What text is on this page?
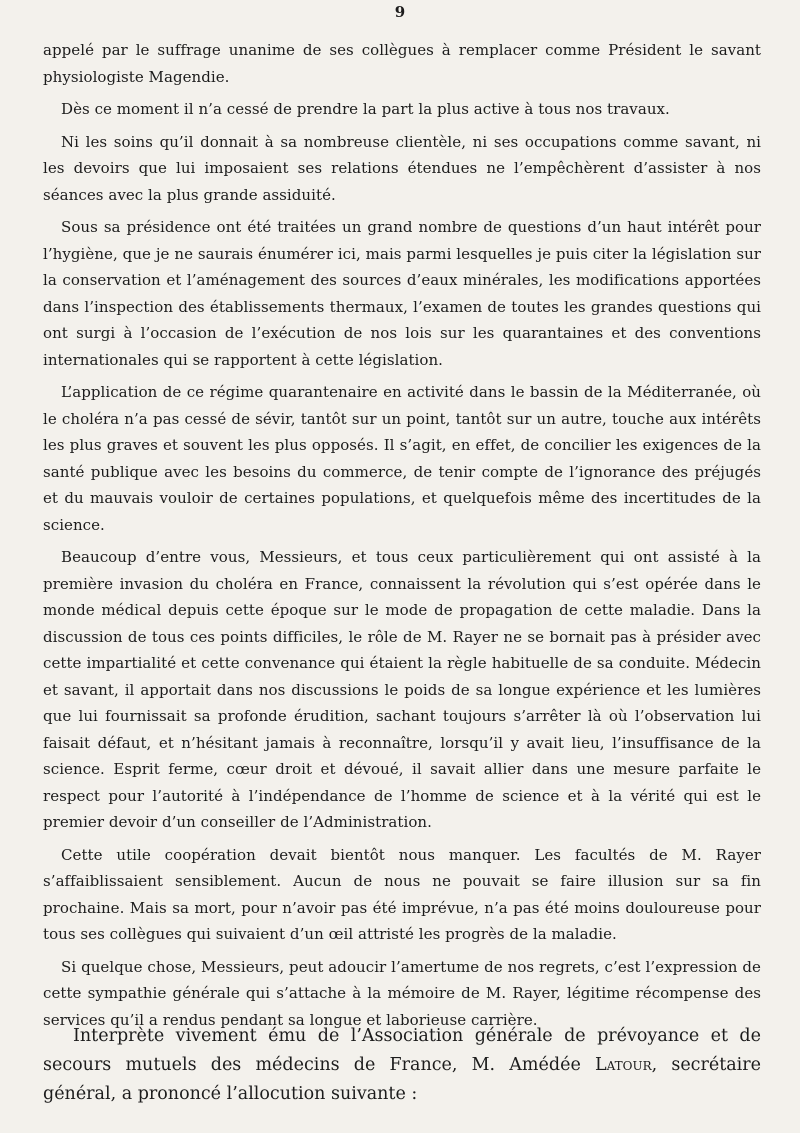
9

appelé par le suffrage unanime de ses collègues à remplacer comme Président le savant physiologiste Magendie.

Dès ce moment il n’a cessé de prendre la part la plus active à tous nos travaux.

Ni les soins qu’il donnait à sa nombreuse clientèle, ni ses occupations comme savant, ni les devoirs que lui imposaient ses relations étendues ne l’empêchèrent d’assister à nos séances avec la plus grande assiduité.

Sous sa présidence ont été traitées un grand nombre de questions d’un haut intérêt pour l’hygiène, que je ne saurais énumérer ici, mais parmi lesquelles je puis citer la législation sur la conservation et l’aménagement des sources d’eaux minérales, les modifications apportées dans l’inspection des établissements thermaux, l’examen de toutes les grandes questions qui ont surgi à l’occasion de l’exécution de nos lois sur les quarantaines et des conventions internationales qui se rapportent à cette législation.

L’application de ce régime quarantenaire en activité dans le bassin de la Méditerranée, où le choléra n’a pas cessé de sévir, tantôt sur un point, tantôt sur un autre, touche aux intérêts les plus graves et souvent les plus opposés. Il s’agit, en effet, de concilier les exigences de la santé publique avec les besoins du commerce, de tenir compte de l’ignorance des préjugés et du mauvais vouloir de certaines populations, et quelquefois même des incertitudes de la science.

Beaucoup d’entre vous, Messieurs, et tous ceux particulièrement qui ont assisté à la première invasion du choléra en France, connaissent la révolution qui s’est opérée dans le monde médical depuis cette époque sur le mode de propagation de cette maladie. Dans la discussion de tous ces points difficiles, le rôle de M. Rayer ne se bornait pas à présider avec cette impartialité et cette convenance qui étaient la règle habituelle de sa conduite. Médecin et savant, il apportait dans nos discussions le poids de sa longue expérience et les lumières que lui fournissait sa profonde érudition, sachant toujours s’arrêter là où l’observation lui faisait défaut, et n’hésitant jamais à reconnaître, lorsqu’il y avait lieu, l’insuffisance de la science. Esprit ferme, cœur droit et dévoué, il savait allier dans une mesure parfaite le respect pour l’autorité à l’indépendance de l’homme de science et à la vérité qui est le premier devoir d’un conseiller de l’Administration.

Cette utile coopération devait bientôt nous manquer. Les facultés de M. Rayer s’affaiblissaient sensiblement. Aucun de nous ne pouvait se faire illusion sur sa fin prochaine. Mais sa mort, pour n’avoir pas été imprévue, n’a pas été moins douloureuse pour tous ses collègues qui suivaient d’un œil attristé les progrès de la maladie.

Si quelque chose, Messieurs, peut adoucir l’amertume de nos regrets, c’est l’expression de cette sympathie générale qui s’attache à la mémoire de M. Rayer, légitime récompense des services qu’il a rendus pendant sa longue et laborieuse carrière.

Interprète vivement ému de l’Association générale de prévoyance et de secours mutuels des médecins de France, M. Amédée Latour, secrétaire général, a prononcé l’allocution suivante :
